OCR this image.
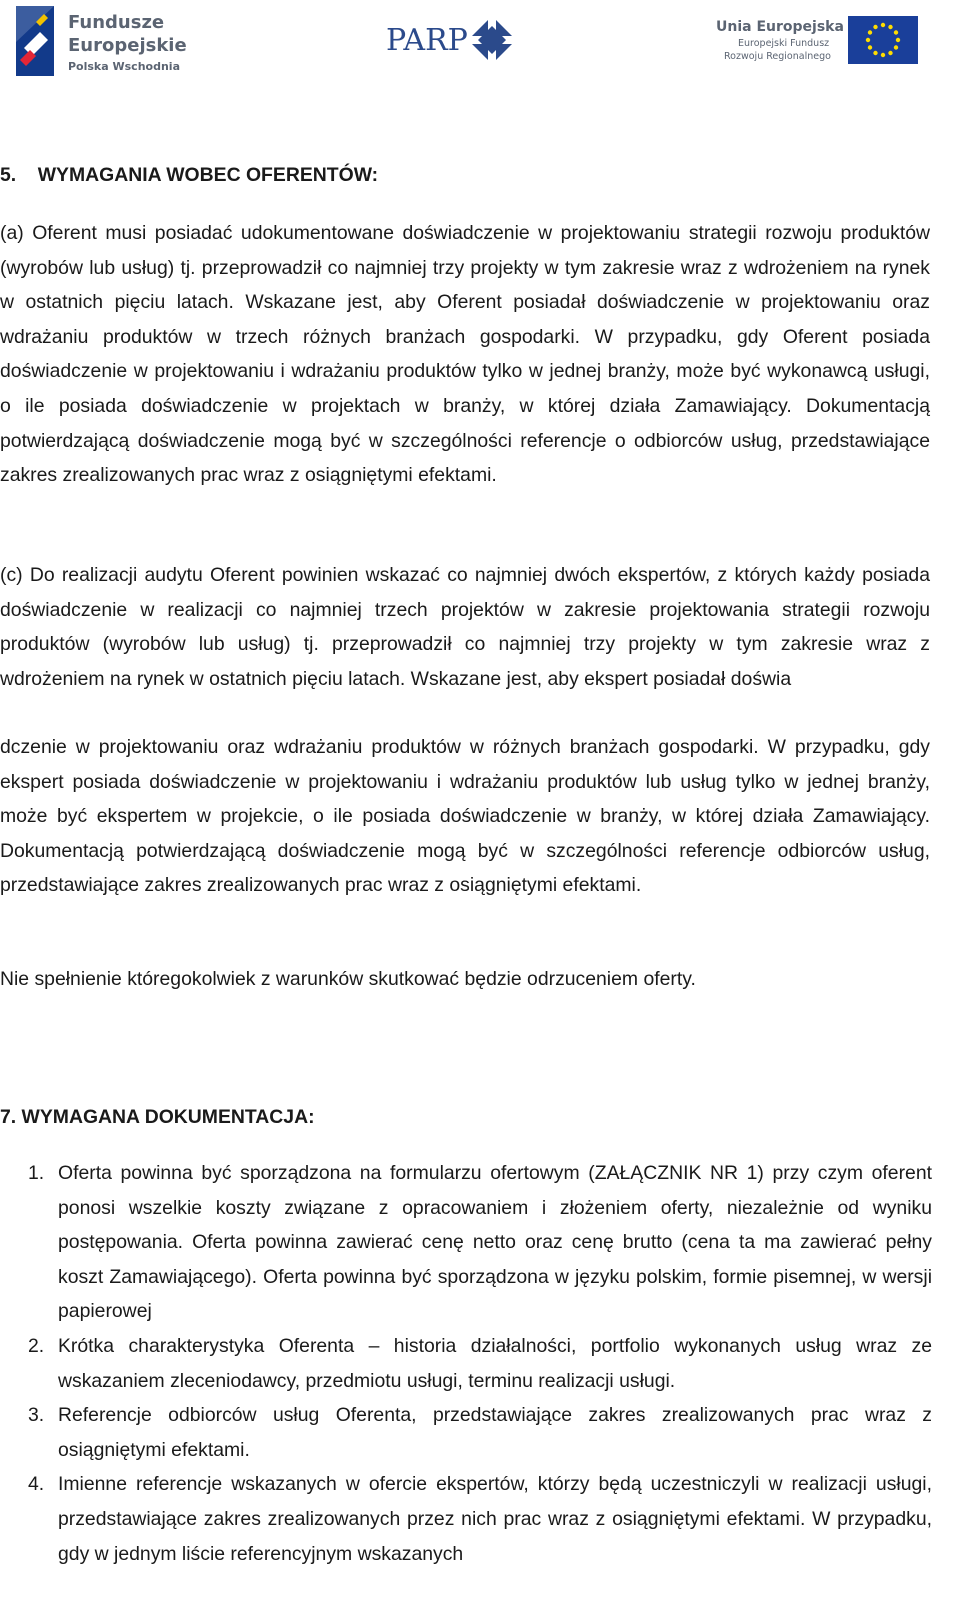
Fundusze
Europejskie
Polska Wschodnia
PARP	Unia Europejska
Europejski Fundusz
Rozwoju Regionalnego

5.    WYMAGANIA WOBEC OFERENTÓW:

(a) Oferent musi posiadać udokumentowane doświadczenie w projektowaniu strategii rozwoju produktów (wyrobów lub usług) tj. przeprowadził co najmniej trzy projekty w tym zakresie wraz z wdrożeniem na rynek w ostatnich pięciu latach. Wskazane jest, aby Oferent posiadał doświadczenie w projektowaniu oraz wdrażaniu produktów w trzech różnych branżach gospodarki. W przypadku, gdy Oferent posiada doświadczenie w projektowaniu i wdrażaniu produktów tylko w jednej branży, może być wykonawcą usługi, o ile posiada doświadczenie w projektach w branży, w której działa Zamawiający. Dokumentacją potwierdzającą doświadczenie mogą być w szczególności referencje o odbiorców usług, przedstawiające zakres zrealizowanych prac wraz z osiągniętymi efektami.

(c) Do realizacji audytu Oferent powinien wskazać co najmniej dwóch ekspertów, z których każdy posiada doświadczenie w realizacji co najmniej trzech projektów w zakresie projektowania strategii rozwoju produktów (wyrobów lub usług) tj. przeprowadził co najmniej trzy projekty w tym zakresie wraz z wdrożeniem na rynek w ostatnich pięciu latach. Wskazane jest, aby ekspert posiadał doświa

dczenie w projektowaniu oraz wdrażaniu produktów w różnych branżach gospodarki. W przypadku, gdy ekspert posiada doświadczenie w projektowaniu i wdrażaniu produktów lub usług tylko w jednej branży, może być ekspertem w projekcie, o ile posiada doświadczenie w branży, w której działa Zamawiający. Dokumentacją potwierdzającą doświadczenie mogą być w szczególności referencje odbiorców usług, przedstawiające zakres zrealizowanych prac wraz z osiągniętymi efektami.

Nie spełnienie któregokolwiek z warunków skutkować będzie odrzuceniem oferty.

7. WYMAGANA DOKUMENTACJA:

1. Oferta powinna być sporządzona na formularzu ofertowym (ZAŁĄCZNIK NR 1) przy czym oferent ponosi wszelkie koszty związane z opracowaniem i złożeniem oferty, niezależnie od wyniku postępowania. Oferta powinna zawierać cenę netto oraz cenę brutto (cena ta ma zawierać pełny koszt Zamawiającego). Oferta powinna być sporządzona w języku polskim, formie pisemnej, w wersji papierowej
2. Krótka charakterystyka Oferenta – historia działalności, portfolio wykonanych usług wraz ze wskazaniem zleceniodawcy, przedmiotu usługi, terminu realizacji usługi.
3. Referencje odbiorców usług Oferenta, przedstawiające zakres zrealizowanych prac wraz z osiągniętymi efektami.
4. Imienne referencje wskazanych w ofercie ekspertów, którzy będą uczestniczyli w realizacji usługi, przedstawiające zakres zrealizowanych przez nich prac wraz z osiągniętymi efektami. W przypadku, gdy w jednym liście referencyjnym wskazanych
